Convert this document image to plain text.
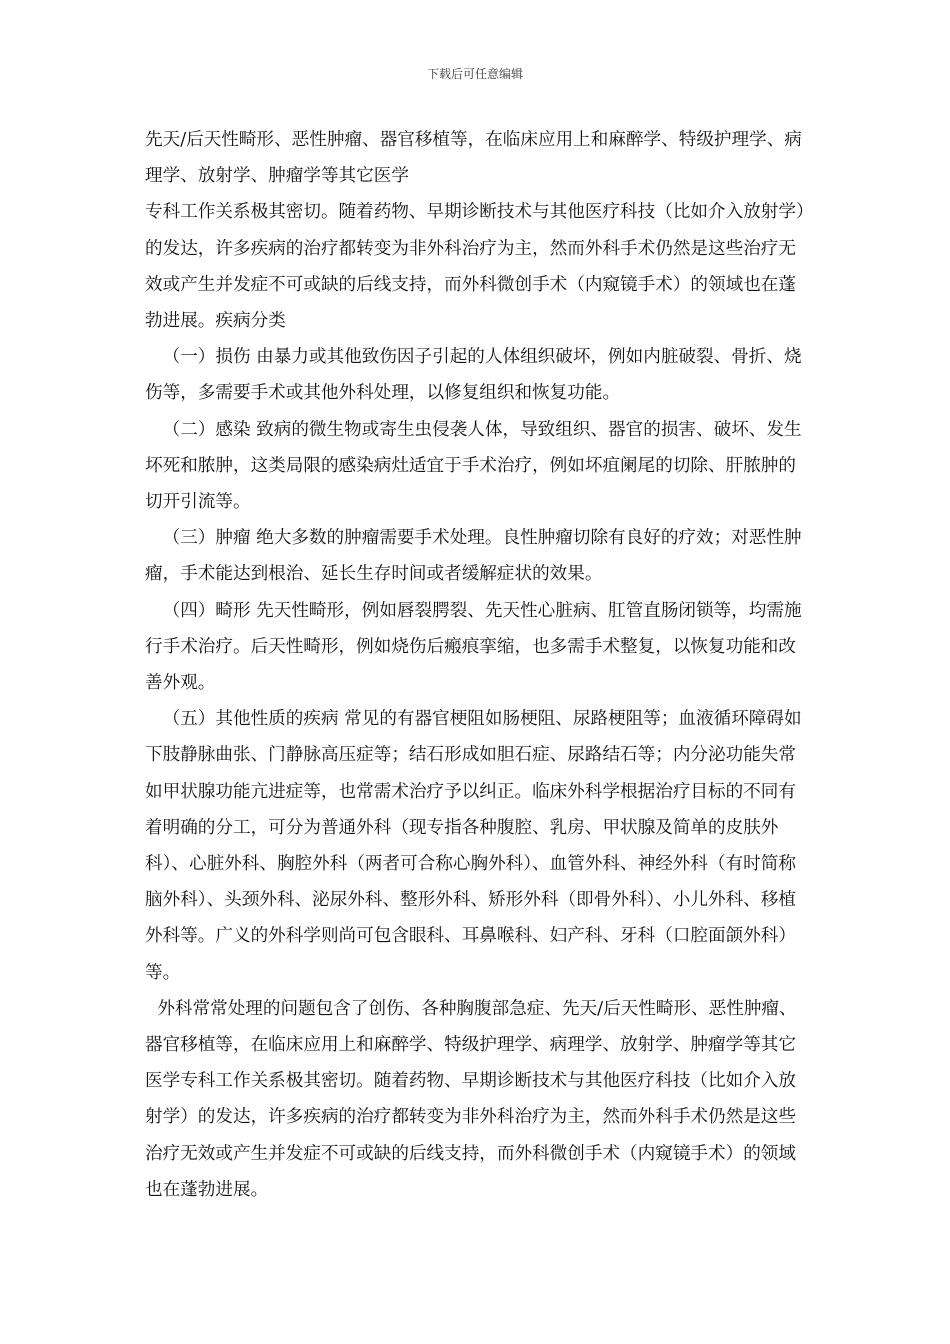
下载后可任意编辑

先天/后天性畸形、恶性肿瘤、器官移植等，在临床应用上和麻醉学、特级护理学、病理学、放射学、肿瘤学等其它医学

专科工作关系极其密切。随着药物、早期诊断技术与其他医疗科技（比如介入放射学）的发达，许多疾病的治疗都转变为非外科治疗为主，然而外科手术仍然是这些治疗无效或产生并发症不可或缺的后线支持，而外科微创手术（内窥镜手术）的领域也在蓬勃进展。疾病分类

（一）损伤 由暴力或其他致伤因子引起的人体组织破坏，例如内脏破裂、骨折、烧伤等，多需要手术或其他外科处理，以修复组织和恢复功能。

（二）感染 致病的微生物或寄生虫侵袭人体，导致组织、器官的损害、破坏、发生坏死和脓肿，这类局限的感染病灶适宜于手术治疗，例如坏疽阑尾的切除、肝脓肿的切开引流等。

（三）肿瘤 绝大多数的肿瘤需要手术处理。良性肿瘤切除有良好的疗效；对恶性肿瘤，手术能达到根治、延长生存时间或者缓解症状的效果。

（四）畸形 先天性畸形，例如唇裂腭裂、先天性心脏病、肛管直肠闭锁等，均需施行手术治疗。后天性畸形，例如烧伤后瘢痕挛缩，也多需手术整复，以恢复功能和改善外观。

（五）其他性质的疾病 常见的有器官梗阻如肠梗阻、尿路梗阻等；血液循环障碍如下肢静脉曲张、门静脉高压症等；结石形成如胆石症、尿路结石等；内分泌功能失常如甲状腺功能亢进症等，也常需术治疗予以纠正。临床外科学根据治疗目标的不同有着明确的分工，可分为普通外科（现专指各种腹腔、乳房、甲状腺及简单的皮肤外科）、心脏外科、胸腔外科（两者可合称心胸外科）、血管外科、神经外科（有时简称脑外科）、头颈外科、泌尿外科、整形外科、矫形外科（即骨外科）、小儿外科、移植外科等。广义的外科学则尚可包含眼科、耳鼻喉科、妇产科、牙科（口腔面颌外科）等。

外科常常处理的问题包含了创伤、各种胸腹部急症、先天/后天性畸形、恶性肿瘤、器官移植等，在临床应用上和麻醉学、特级护理学、病理学、放射学、肿瘤学等其它医学专科工作关系极其密切。随着药物、早期诊断技术与其他医疗科技（比如介入放射学）的发达，许多疾病的治疗都转变为非外科治疗为主，然而外科手术仍然是这些治疗无效或产生并发症不可或缺的后线支持，而外科微创手术（内窥镜手术）的领域也在蓬勃进展。
